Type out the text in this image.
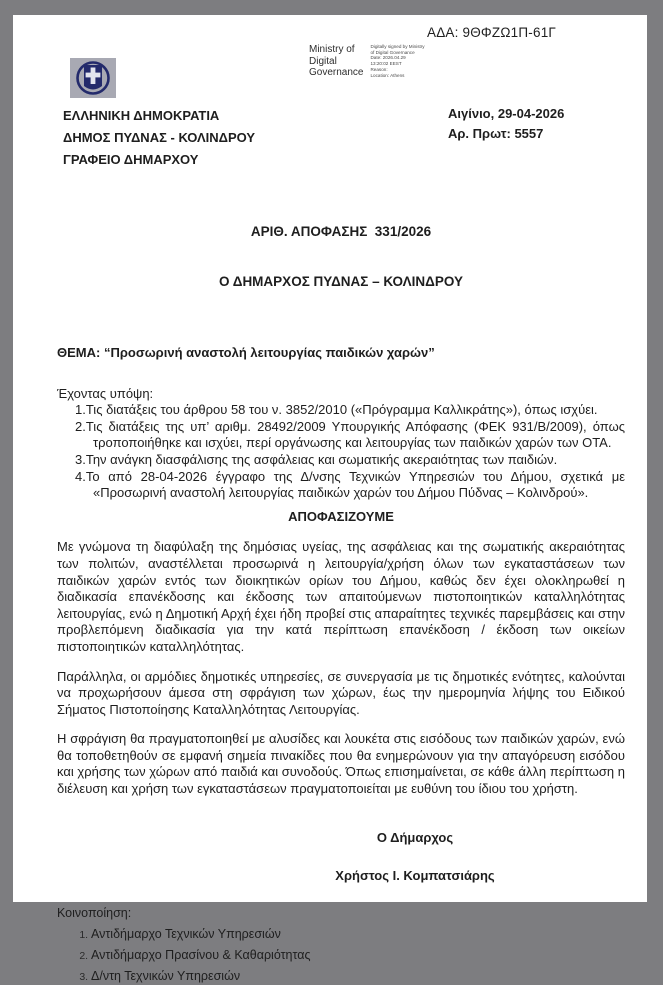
ΑΔΑ: 9ΘΦΖΩ1Π-61Γ
Ministry of
Digital
Governance
Digitally signed by Ministry
of Digital Governance
Date: 2026.04.29
13:20:02 EEST
Reason:
Location: Athens
ΕΛΛΗΝΙΚΗ ΔΗΜΟΚΡΑΤΙΑ
ΔΗΜΟΣ ΠΥΔΝΑΣ - ΚΟΛΙΝΔΡΟΥ
ΓΡΑΦΕΙΟ ΔΗΜΑΡΧΟΥ
Αιγίνιο, 29-04-2026
Αρ. Πρωτ: 5557

ΑΡΙΘ. ΑΠΟΦΑΣΗΣ  331/2026

Ο ΔΗΜΑΡΧΟΣ ΠΥΔΝΑΣ – ΚΟΛΙΝΔΡΟΥ

ΘΕΜΑ: “Προσωρινή αναστολή λειτουργίας παιδικών χαρών”
Έχοντας υπόψη:
1.Τις διατάξεις του άρθρου 58 του ν. 3852/2010 («Πρόγραμμα Καλλικράτης»), όπως ισχύει.
2.Τις διατάξεις της υπ’ αριθμ. 28492/2009 Υπουργικής Απόφασης (ΦΕΚ 931/Β/2009), όπως τροποποιήθηκε και ισχύει, περί οργάνωσης και λειτουργίας των παιδικών χαρών των ΟΤΑ.
3.Την ανάγκη διασφάλισης της ασφάλειας και σωματικής ακεραιότητας των παιδιών.
4.Το από 28-04-2026 έγγραφο της Δ/νσης Τεχνικών Υπηρεσιών του Δήμου, σχετικά με «Προσωρινή αναστολή λειτουργίας παιδικών χαρών του Δήμου Πύδνας – Κολινδρού».
ΑΠΟΦΑΣΙΖΟΥΜΕ
Με γνώμονα τη διαφύλαξη της δημόσιας υγείας, της ασφάλειας και της σωματικής ακεραιότητας των πολιτών, αναστέλλεται προσωρινά η λειτουργία/χρήση όλων των εγκαταστάσεων των παιδικών χαρών εντός των διοικητικών ορίων του Δήμου, καθώς δεν έχει ολοκληρωθεί η διαδικασία επανέκδοσης και έκδοσης των απαιτούμενων πιστοποιητικών καταλληλότητας λειτουργίας, ενώ η Δημοτική Αρχή έχει ήδη προβεί στις απαραίτητες τεχνικές παρεμβάσεις και στην προβλεπόμενη διαδικασία για την κατά περίπτωση επανέκδοση / έκδοση των οικείων πιστοποιητικών καταλληλότητας.
Παράλληλα, οι αρμόδιες δημοτικές υπηρεσίες, σε συνεργασία με τις δημοτικές ενότητες, καλούνται να προχωρήσουν άμεσα στη σφράγιση των χώρων, έως την ημερομηνία λήψης του Ειδικού Σήματος Πιστοποίησης Καταλληλότητας Λειτουργίας.
Η σφράγιση θα πραγματοποιηθεί με αλυσίδες και λουκέτα στις εισόδους των παιδικών χαρών, ενώ θα τοποθετηθούν σε εμφανή σημεία πινακίδες που θα ενημερώνουν για την απαγόρευση εισόδου και χρήσης των χώρων από παιδιά και συνοδούς. Όπως επισημαίνεται, σε κάθε άλλη περίπτωση η διέλευση και χρήση των εγκαταστάσεων πραγματοποιείται με ευθύνη του ίδιου του χρήστη.
Ο Δήμαρχος
Χρήστος Ι. Κομπατσιάρης
Κοινοποίηση:
1. Αντιδήμαρχο Τεχνικών Υπηρεσιών
2. Αντιδήμαρχο Πρασίνου & Καθαριότητας
3. Δ/ντη Τεχνικών Υπηρεσιών
